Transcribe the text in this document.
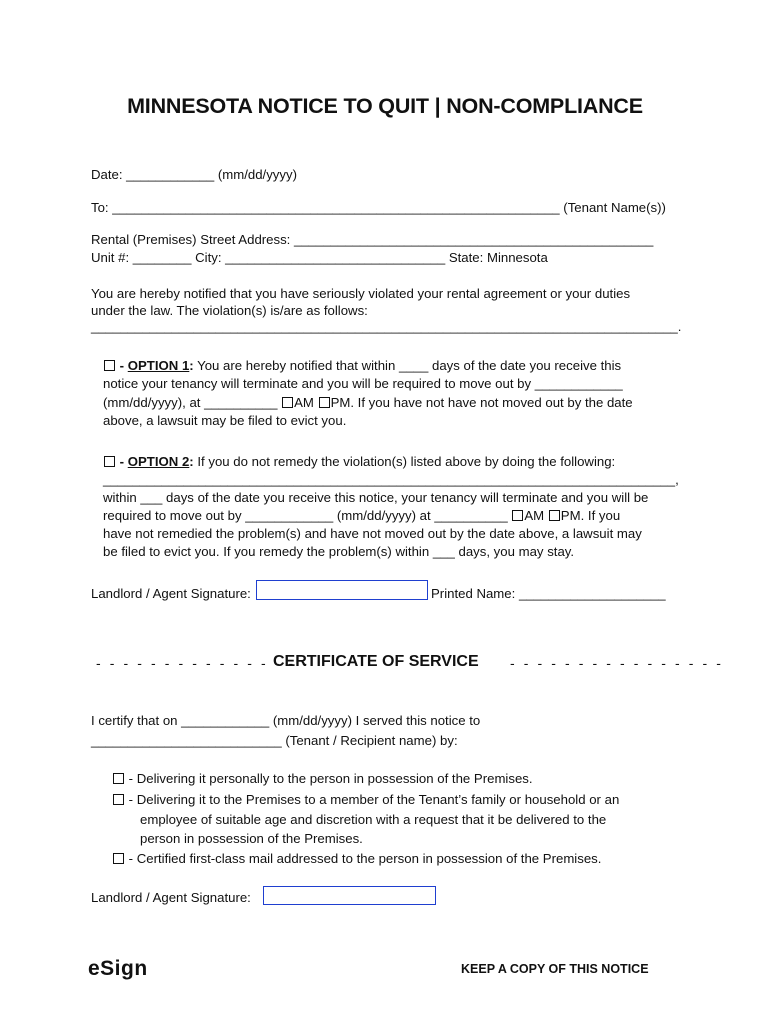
MINNESOTA NOTICE TO QUIT | NON-COMPLIANCE
Date: ____________ (mm/dd/yyyy)
To: _____________________________________________________________ (Tenant Name(s))
Rental (Premises) Street Address: _________________________________________________
Unit #: ________ City: ______________________________ State: Minnesota
You are hereby notified that you have seriously violated your rental agreement or your duties
under the law. The violation(s) is/are as follows:
________________________________________________________________________________.
- OPTION 1: You are hereby notified that within ____ days of the date you receive this
notice your tenancy will terminate and you will be required to move out by ____________
(mm/dd/yyyy), at __________ AM PM. If you have not have not moved out by the date
above, a lawsuit may be filed to evict you.
- OPTION 2: If you do not remedy the violation(s) listed above by doing the following:
______________________________________________________________________________,
within ___ days of the date you receive this notice, your tenancy will terminate and you will be
required to move out by ____________ (mm/dd/yyyy) at __________ AM PM. If you
have not remedied the problem(s) and have not moved out by the date above, a lawsuit may
be filed to evict you. If you remedy the problem(s) within ___ days, you may stay.
Landlord / Agent Signature:	Printed Name: ____________________
- - - - - - - - - - - - - - - -
CERTIFICATE OF SERVICE - - - - - - - - - - - - - - - -
I certify that on ____________ (mm/dd/yyyy) I served this notice to
__________________________ (Tenant / Recipient name) by:
- Delivering it personally to the person in possession of the Premises.
- Delivering it to the Premises to a member of the Tenant’s family or household or an
employee of suitable age and discretion with a request that it be delivered to the
person in possession of the Premises.
- Certified first-class mail addressed to the person in possession of the Premises.
Landlord / Agent Signature:
eSign	KEEP A COPY OF THIS NOTICE
